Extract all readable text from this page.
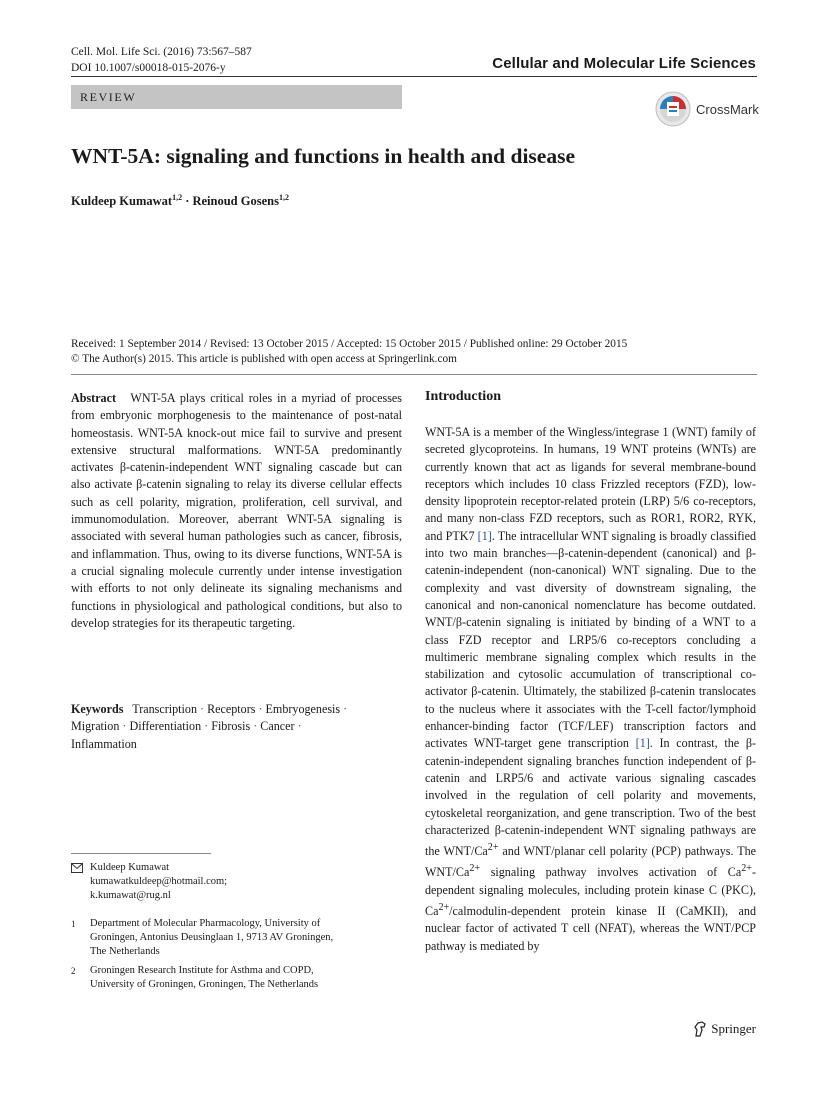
Cell. Mol. Life Sci. (2016) 73:567–587
DOI 10.1007/s00018-015-2076-y	Cellular and Molecular Life Sciences
REVIEW
CrossMark
WNT-5A: signaling and functions in health and disease
Kuldeep Kumawat$^{1,2}$ · Reinoud Gosens$^{1,2}$
Received: 1 September 2014 / Revised: 13 October 2015 / Accepted: 15 October 2015 / Published online: 29 October 2015
© The Author(s) 2015. This article is published with open access at Springerlink.com
Abstract WNT-5A plays critical roles in a myriad of processes from embryonic morphogenesis to the maintenance of post-natal homeostasis. WNT-5A knock-out mice fail to survive and present extensive structural malformations. WNT-5A predominantly activates β-catenin-independent WNT signaling cascade but can also activate β-catenin signaling to relay its diverse cellular effects such as cell polarity, migration, proliferation, cell survival, and immunomodulation. Moreover, aberrant WNT-5A signaling is associated with several human pathologies such as cancer, fibrosis, and inflammation. Thus, owing to its diverse functions, WNT-5A is a crucial signaling molecule currently under intense investigation with efforts to not only delineate its signaling mechanisms and functions in physiological and pathological conditions, but also to develop strategies for its therapeutic targeting.
Keywords Transcription · Receptors · Embryogenesis ·
Migration · Differentiation · Fibrosis · Cancer ·
Inflammation
Kuldeep Kumawat
kumawatkuldeep@hotmail.com;
k.kumawat@rug.nl
1	Department of Molecular Pharmacology, University of
Groningen, Antonius Deusinglaan 1, 9713 AV Groningen,
The Netherlands
2	Groningen Research Institute for Asthma and COPD,
University of Groningen, Groningen, The Netherlands
Introduction
WNT-5A is a member of the Wingless/integrase 1 (WNT) family of secreted glycoproteins. In humans, 19 WNT proteins (WNTs) are currently known that act as ligands for several membrane-bound receptors which includes 10 class Frizzled receptors (FZD), low-density lipoprotein receptor-related protein (LRP) 5/6 co-receptors, and many non-class FZD receptors, such as ROR1, ROR2, RYK, and PTK7 [1]. The intracellular WNT signaling is broadly classified into two main branches—β-catenin-dependent (canonical) and β-catenin-independent (non-canonical) WNT signaling. Due to the complexity and vast diversity of downstream signaling, the canonical and non-canonical nomenclature has become outdated. WNT/β-catenin signaling is initiated by binding of a WNT to a class FZD receptor and LRP5/6 co-receptors concluding a multimeric membrane signaling complex which results in the stabilization and cytosolic accumulation of transcriptional co-activator β-catenin. Ultimately, the stabilized β-catenin translocates to the nucleus where it associates with the T-cell factor/lymphoid enhancer-binding factor (TCF/LEF) transcription factors and activates WNT-target gene transcription [1]. In contrast, the β-catenin-independent signaling branches function independent of β-catenin and LRP5/6 and activate various signaling cascades involved in the regulation of cell polarity and movements, cytoskeletal reorganization, and gene transcription. Two of the best characterized β-catenin-independent WNT signaling pathways are the WNT/$Ca^{2+}$ and WNT/planar cell polarity (PCP) pathways. The WNT/$Ca^{2+}$ signaling pathway involves activation of $Ca^{2+}$-dependent signaling molecules, including protein kinase C (PKC), $Ca^{2+}/calmodulin$-dependent protein kinase II (CaMKII), and nuclear factor of activated T cell (NFAT), whereas the WNT/PCP pathway is mediated by
Springer
